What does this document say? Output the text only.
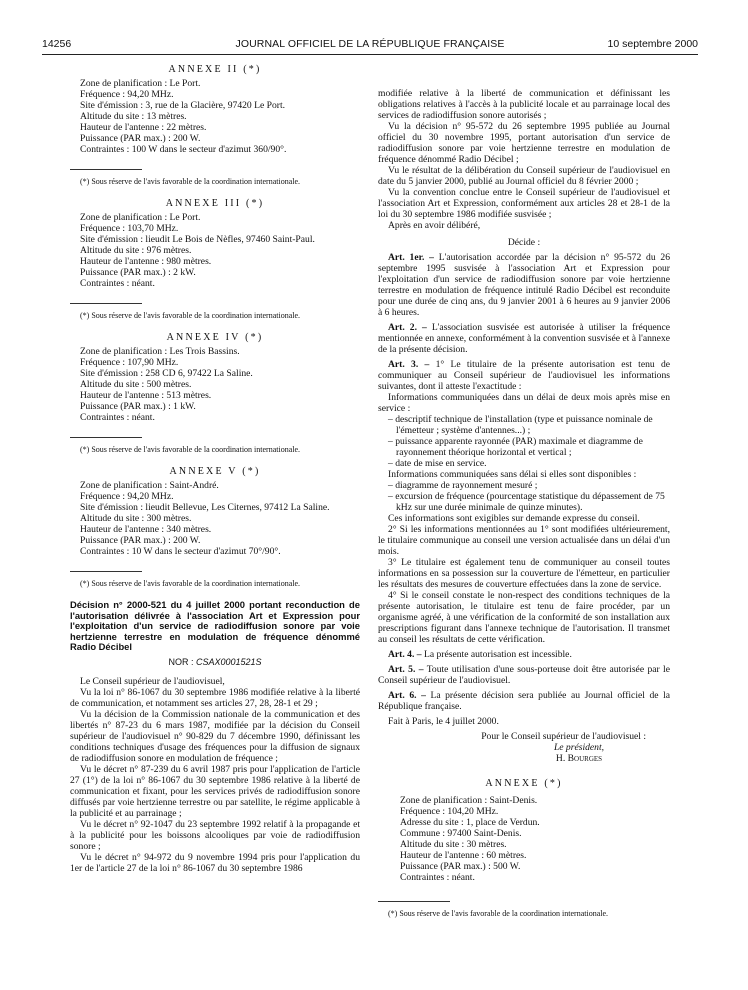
14256	JOURNAL OFFICIEL DE LA RÉPUBLIQUE FRANÇAISE	10 septembre 2000

ANNEXE II (*)

Zone de planification : Le Port.

Fréquence : 94,20 MHz.

Site d'émission : 3, rue de la Glacière, 97420 Le Port.

Altitude du site : 13 mètres.

Hauteur de l'antenne : 22 mètres.

Puissance (PAR max.) : 200 W.

Contraintes : 100 W dans le secteur d'azimut 360/90°.

(*) Sous réserve de l'avis favorable de la coordination internationale.

ANNEXE III (*)

Zone de planification : Le Port.

Fréquence : 103,70 MHz.

Site d'émission : lieudit Le Bois de Nèfles, 97460 Saint-Paul.

Altitude du site : 976 mètres.

Hauteur de l'antenne : 980 mètres.

Puissance (PAR max.) : 2 kW.

Contraintes : néant.

(*) Sous réserve de l'avis favorable de la coordination internationale.

ANNEXE IV (*)

Zone de planification : Les Trois Bassins.

Fréquence : 107,90 MHz.

Site d'émission : 258 CD 6, 97422 La Saline.

Altitude du site : 500 mètres.

Hauteur de l'antenne : 513 mètres.

Puissance (PAR max.) : 1 kW.

Contraintes : néant.

(*) Sous réserve de l'avis favorable de la coordination internationale.

ANNEXE V (*)

Zone de planification : Saint-André.

Fréquence : 94,20 MHz.

Site d'émission : lieudit Bellevue, Les Citernes, 97412 La Saline.

Altitude du site : 300 mètres.

Hauteur de l'antenne : 340 mètres.

Puissance (PAR max.) : 200 W.

Contraintes : 10 W dans le secteur d'azimut 70°/90°.

(*) Sous réserve de l'avis favorable de la coordination internationale.

Décision n° 2000-521 du 4 juillet 2000 portant reconduction de l'autorisation délivrée à l'association Art et Expression pour l'exploitation d'un service de radiodiffusion sonore par voie hertzienne terrestre en modulation de fréquence dénommé Radio Décibel

NOR : CSAX0001521S

Le Conseil supérieur de l'audiovisuel,

Vu la loi n° 86-1067 du 30 septembre 1986 modifiée relative à la liberté de communication, et notamment ses articles 27, 28, 28-1 et 29 ;

Vu la décision de la Commission nationale de la communication et des libertés n° 87-23 du 6 mars 1987, modifiée par la décision du Conseil supérieur de l'audiovisuel n° 90-829 du 7 décembre 1990, définissant les conditions techniques d'usage des fréquences pour la diffusion de signaux de radiodiffusion sonore en modulation de fréquence ;

Vu le décret n° 87-239 du 6 avril 1987 pris pour l'application de l'article 27 (1°) de la loi n° 86-1067 du 30 septembre 1986 relative à la liberté de communication et fixant, pour les services privés de radiodiffusion sonore diffusés par voie hertzienne terrestre ou par satellite, le régime applicable à la publicité et au parrainage ;

Vu le décret n° 92-1047 du 23 septembre 1992 relatif à la propagande et à la publicité pour les boissons alcooliques par voie de radiodiffusion sonore ;

Vu le décret n° 94-972 du 9 novembre 1994 pris pour l'application du 1er de l'article 27 de la loi n° 86-1067 du 30 septembre 1986

modifiée relative à la liberté de communication et définissant les obligations relatives à l'accès à la publicité locale et au parrainage local des services de radiodiffusion sonore autorisés ;

Vu la décision n° 95-572 du 26 septembre 1995 publiée au Journal officiel du 30 novembre 1995, portant autorisation d'un service de radiodiffusion sonore par voie hertzienne terrestre en modulation de fréquence dénommé Radio Décibel ;

Vu le résultat de la délibération du Conseil supérieur de l'audiovisuel en date du 5 janvier 2000, publié au Journal officiel du 8 février 2000 ;

Vu la convention conclue entre le Conseil supérieur de l'audiovisuel et l'association Art et Expression, conformément aux articles 28 et 28-1 de la loi du 30 septembre 1986 modifiée susvisée ;

Après en avoir délibéré,

Décide :

Art. 1er. – L'autorisation accordée par la décision n° 95-572 du 26 septembre 1995 susvisée à l'association Art et Expression pour l'exploitation d'un service de radiodiffusion sonore par voie hertzienne terrestre en modulation de fréquence intitulé Radio Décibel est reconduite pour une durée de cinq ans, du 9 janvier 2001 à 6 heures au 9 janvier 2006 à 6 heures.

Art. 2. – L'association susvisée est autorisée à utiliser la fréquence mentionnée en annexe, conformément à la convention susvisée et à l'annexe de la présente décision.

Art. 3. – 1° Le titulaire de la présente autorisation est tenu de communiquer au Conseil supérieur de l'audiovisuel les informations suivantes, dont il atteste l'exactitude :

Informations communiquées dans un délai de deux mois après mise en service :

– descriptif technique de l'installation (type et puissance nominale de l'émetteur ; système d'antennes...) ;

– puissance apparente rayonnée (PAR) maximale et diagramme de rayonnement théorique horizontal et vertical ;

– date de mise en service.

Informations communiquées sans délai si elles sont disponibles :

– diagramme de rayonnement mesuré ;

– excursion de fréquence (pourcentage statistique du dépassement de 75 kHz sur une durée minimale de quinze minutes).

Ces informations sont exigibles sur demande expresse du conseil.

2° Si les informations mentionnées au 1° sont modifiées ultérieurement, le titulaire communique au conseil une version actualisée dans un délai d'un mois.

3° Le titulaire est également tenu de communiquer au conseil toutes informations en sa possession sur la couverture de l'émetteur, en particulier les résultats des mesures de couverture effectuées dans la zone de service.

4° Si le conseil constate le non-respect des conditions techniques de la présente autorisation, le titulaire est tenu de faire procéder, par un organisme agréé, à une vérification de la conformité de son installation aux prescriptions figurant dans l'annexe technique de l'autorisation. Il transmet au conseil les résultats de cette vérification.

Art. 4. – La présente autorisation est incessible.

Art. 5. – Toute utilisation d'une sous-porteuse doit être autorisée par le Conseil supérieur de l'audiovisuel.

Art. 6. – La présente décision sera publiée au Journal officiel de la République française.

Fait à Paris, le 4 juillet 2000.

Pour le Conseil supérieur de l'audiovisuel :

Le président,

H. Bourges

ANNEXE (*)

Zone de planification : Saint-Denis.

Fréquence : 104,20 MHz.

Adresse du site : 1, place de Verdun.

Commune : 97400 Saint-Denis.

Altitude du site : 30 mètres.

Hauteur de l'antenne : 60 mètres.

Puissance (PAR max.) : 500 W.

Contraintes : néant.

(*) Sous réserve de l'avis favorable de la coordination internationale.
